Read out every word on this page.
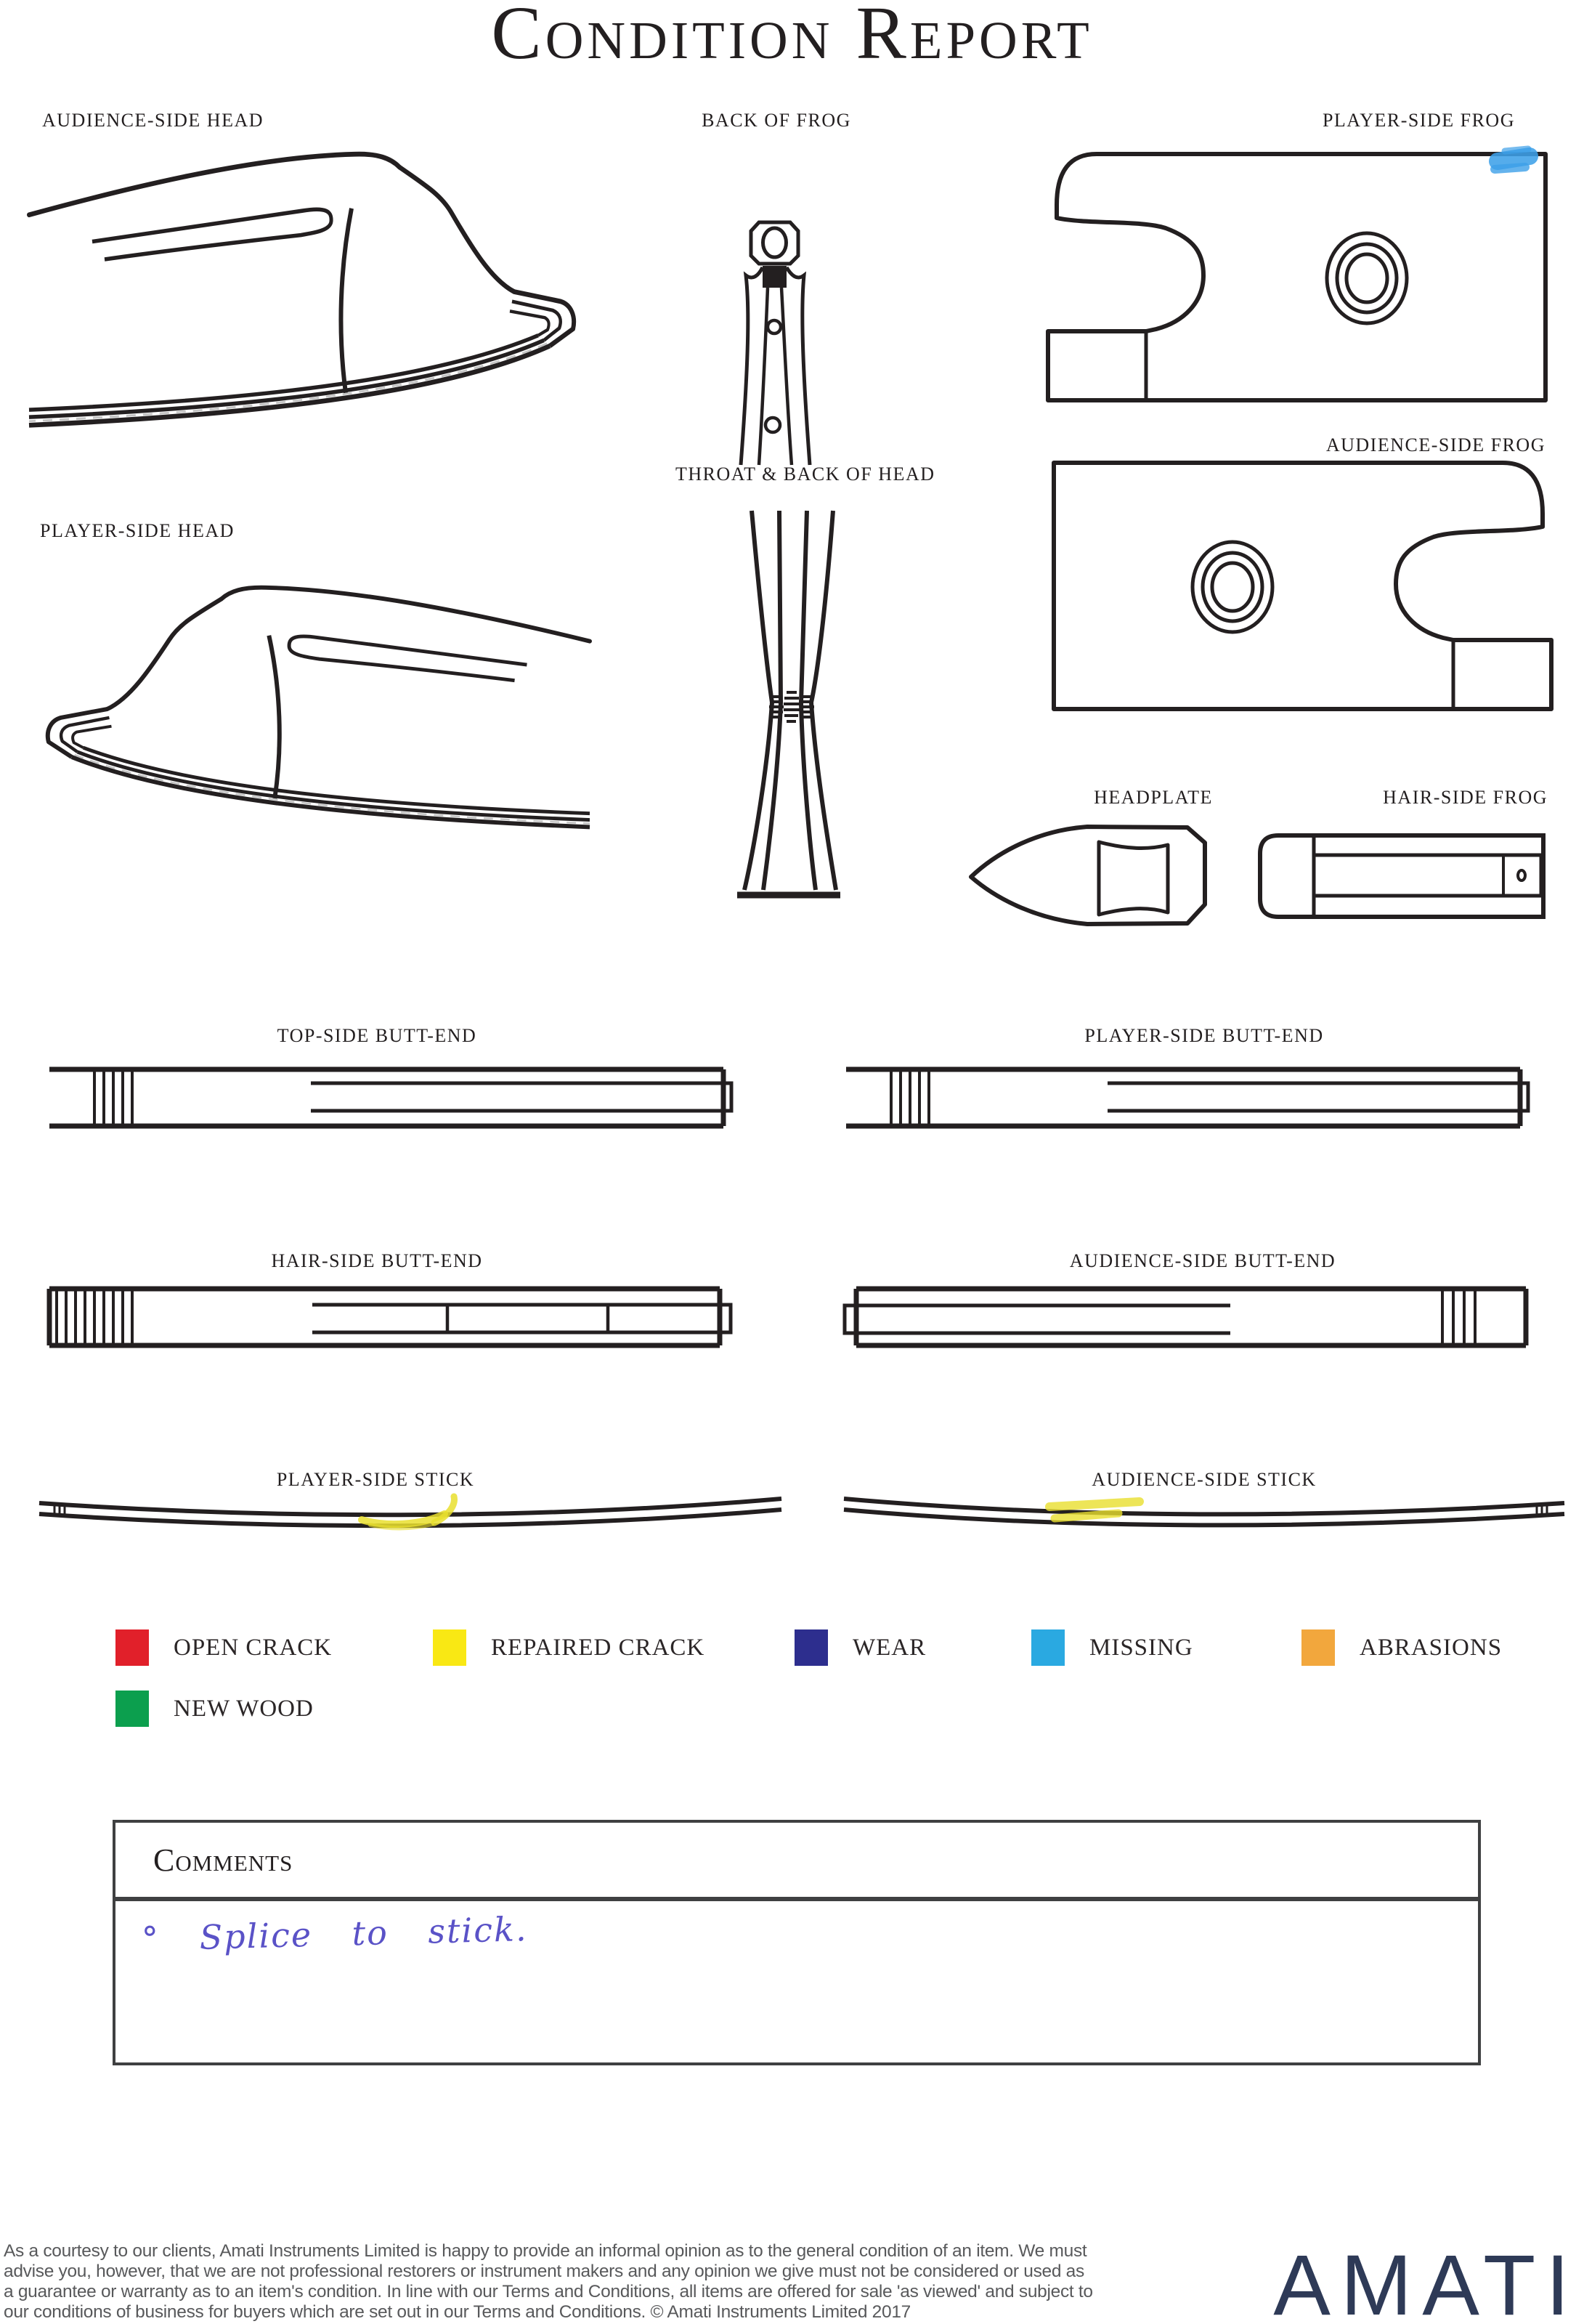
Condition Report
AUDIENCE-SIDE HEAD	BACK OF FROG	PLAYER-SIDE FROG
PLAYER-SIDE HEAD
THROAT & BACK OF HEAD
AUDIENCE-SIDE FROG
HEADPLATE	HAIR-SIDE FROG
TOP-SIDE BUTT-END	PLAYER-SIDE BUTT-END
HAIR-SIDE BUTT-END	AUDIENCE-SIDE BUTT-END
PLAYER-SIDE STICK	AUDIENCE-SIDE STICK
OPEN CRACK	REPAIRED CRACK	WEAR	MISSING	ABRASIONS
NEW WOOD
Comments
° Splice to stick.
As a courtesy to our clients, Amati Instruments Limited is happy to provide an informal opinion as to the general condition of an item. We must
advise you, however, that we are not professional restorers or instrument makers and any opinion we give must not be considered or used as
a guarantee or warranty as to an item's condition. In line with our Terms and Conditions, all items are offered for sale 'as viewed' and subject to
our conditions of business for buyers which are set out in our Terms and Conditions. © Amati Instruments Limited 2017	AMATI
